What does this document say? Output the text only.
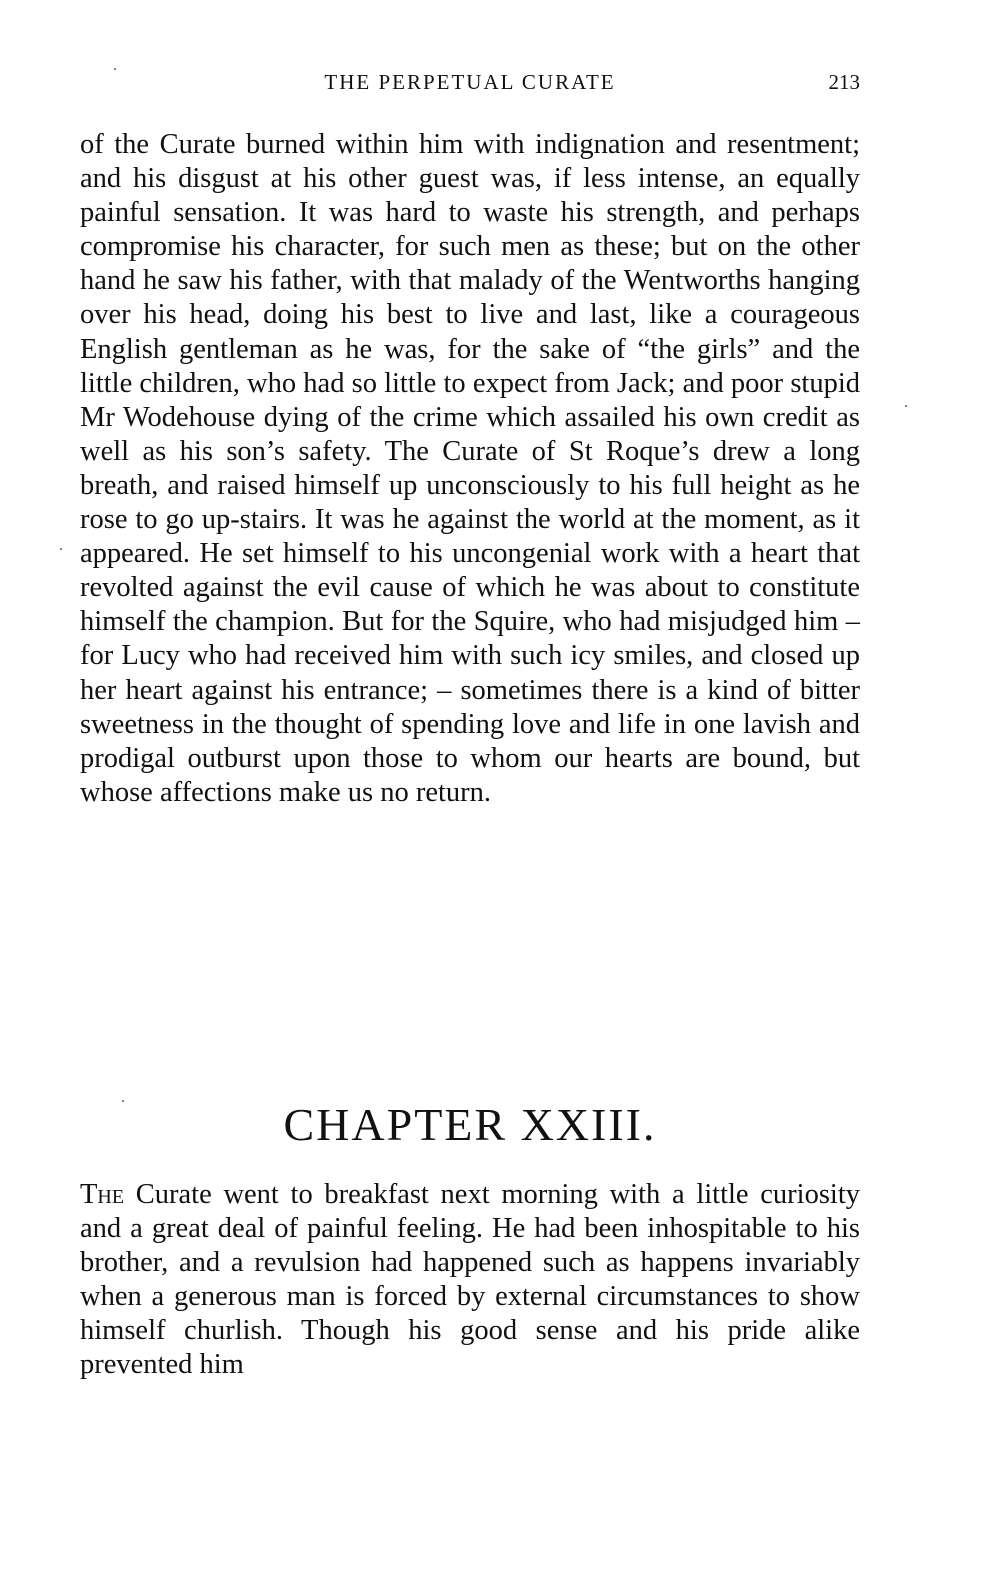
THE PERPETUAL CURATE	213

of the Curate burned within him with indignation and resentment; and his disgust at his other guest was, if less intense, an equally painful sensation. It was hard to waste his strength, and perhaps compromise his character, for such men as these; but on the other hand he saw his father, with that malady of the Wentworths hanging over his head, doing his best to live and last, like a courageous English gentleman as he was, for the sake of “the girls” and the little children, who had so little to expect from Jack; and poor stupid Mr Wodehouse dying of the crime which assailed his own credit as well as his son’s safety. The Curate of St Roque’s drew a long breath, and raised himself up unconsciously to his full height as he rose to go up-stairs. It was he against the world at the moment, as it appeared. He set himself to his uncongenial work with a heart that revolted against the evil cause of which he was about to constitute himself the champion. But for the Squire, who had misjudged him – for Lucy who had received him with such icy smiles, and closed up her heart against his entrance; – sometimes there is a kind of bitter sweetness in the thought of spending love and life in one lavish and prodigal outburst upon those to whom our hearts are bound, but whose affections make us no return.

CHAPTER XXIII.

The Curate went to breakfast next morning with a little curiosity and a great deal of painful feeling. He had been inhospitable to his brother, and a revulsion had happened such as happens invariably when a generous man is forced by external circumstances to show himself churlish. Though his good sense and his pride alike prevented him
